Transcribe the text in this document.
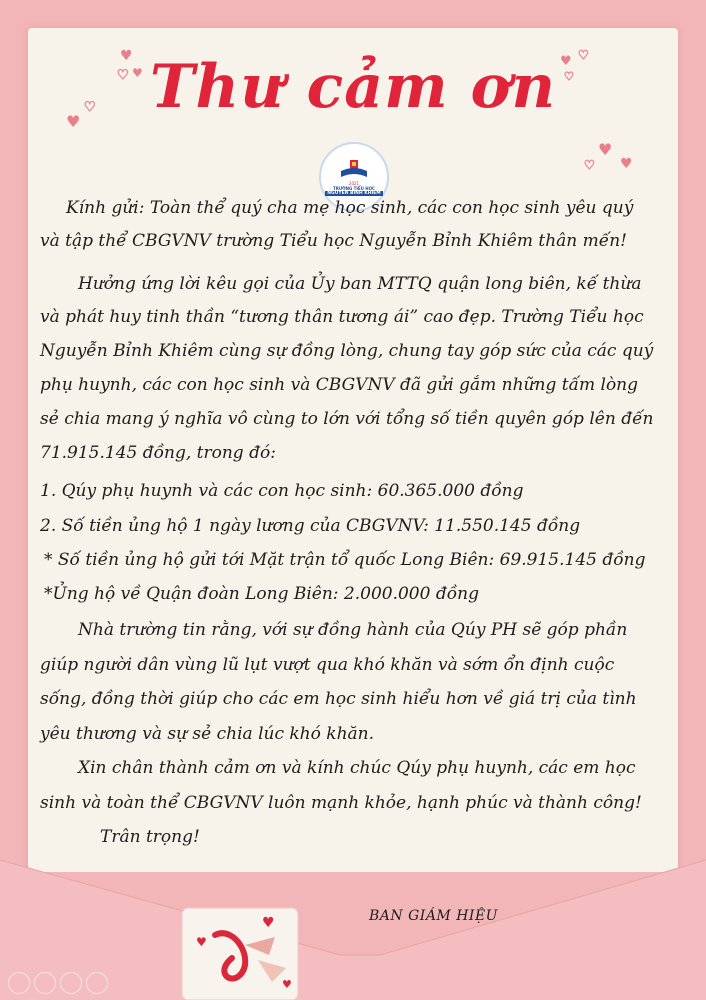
♥
♥
♥
♥
♥
♥ ♥
♥
♥
♥
♥
♥
♥
♥
Thư cảm ơn
2021
TRƯỜNG TIỂU HỌC
NGUYỄN BỈNH KHIÊM
Kính gửi: Toàn thể quý cha mẹ học sinh, các con học sinh yêu quý
và tập thể CBGVNV trường Tiểu học Nguyễn Bỉnh Khiêm thân mến!
Hưởng ứng lời kêu gọi của Ủy ban MTTQ quận long biên, kế thừa
và phát huy tinh thần “tương thân tương ái” cao đẹp. Trường Tiểu học
Nguyễn Bỉnh Khiêm cùng sự đồng lòng, chung tay góp sức của các quý
phụ huynh, các con học sinh và CBGVNV đã gửi gắm những tấm lòng
sẻ chia mang ý nghĩa vô cùng to lớn với tổng số tiền quyên góp lên đến
71.915.145 đồng, trong đó:
1. Qúy phụ huynh và các con học sinh: 60.365.000 đồng
2. Số tiền ủng hộ 1 ngày lương của CBGVNV: 11.550.145 đồng
* Số tiền ủng hộ gửi tới Mặt trận tổ quốc Long Biên: 69.915.145 đồng
*Ủng hộ về Quận đoàn Long Biên: 2.000.000 đồng
Nhà trường tin rằng, với sự đồng hành của Qúy PH sẽ góp phần
giúp người dân vùng lũ lụt vượt qua khó khăn và sớm ổn định cuộc
sống, đồng thời giúp cho các em học sinh hiểu hơn về giá trị của tình
yêu thương và sự sẻ chia lúc khó khăn.
Xin chân thành cảm ơn và kính chúc Qúy phụ huynh, các em học
sinh và toàn thể CBGVNV luôn mạnh khỏe, hạnh phúc và thành công!
Trân trọng!
BAN GIÁM HIỆU
